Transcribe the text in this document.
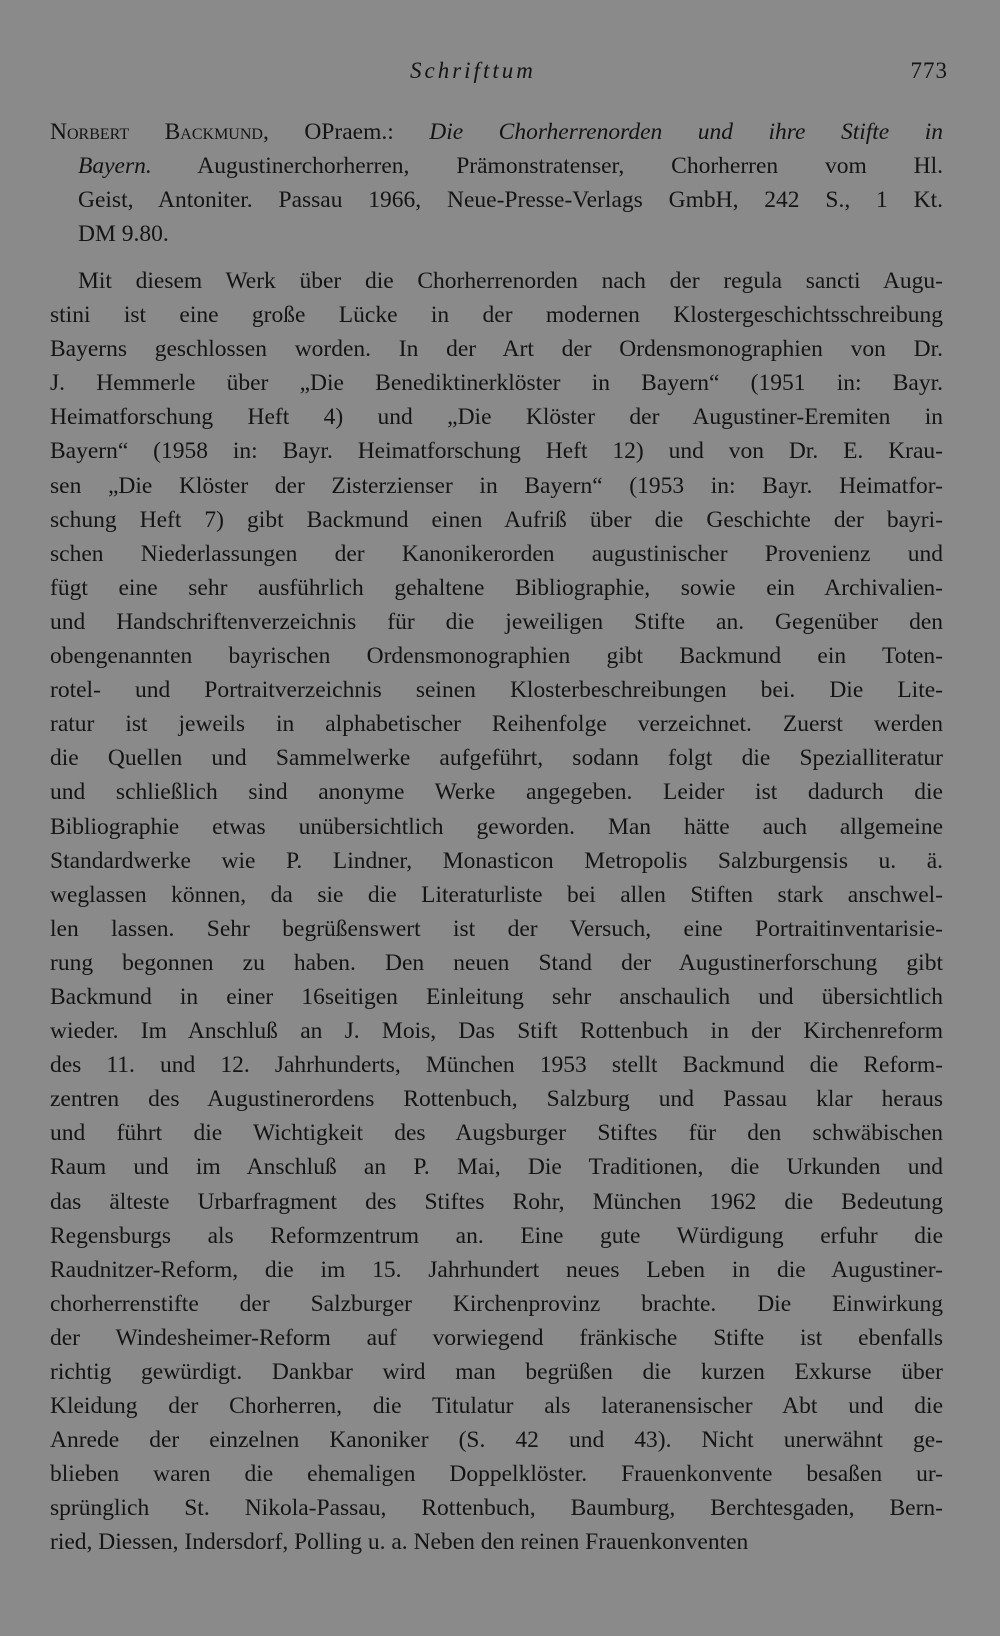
Schrifttum	773
Norbert Backmund, OPraem.: Die Chorherrenorden und ihre Stifte in
Bayern. Augustinerchorherren, Prämonstratenser, Chorherren vom Hl.
Geist, Antoniter. Passau 1966, Neue-Presse-Verlags GmbH, 242 S., 1 Kt.
DM 9.80.
Mit diesem Werk über die Chorherrenorden nach der regula sancti Augu-
stini ist eine große Lücke in der modernen Klostergeschichtsschreibung
Bayerns geschlossen worden. In der Art der Ordensmonographien von Dr.
J. Hemmerle über „Die Benediktinerklöster in Bayern“ (1951 in: Bayr.
Heimatforschung Heft 4) und „Die Klöster der Augustiner-Eremiten in
Bayern“ (1958 in: Bayr. Heimatforschung Heft 12) und von Dr. E. Krau-
sen „Die Klöster der Zisterzienser in Bayern“ (1953 in: Bayr. Heimatfor-
schung Heft 7) gibt Backmund einen Aufriß über die Geschichte der bayri-
schen Niederlassungen der Kanonikerorden augustinischer Provenienz und
fügt eine sehr ausführlich gehaltene Bibliographie, sowie ein Archivalien-
und Handschriftenverzeichnis für die jeweiligen Stifte an. Gegenüber den
obengenannten bayrischen Ordensmonographien gibt Backmund ein Toten-
rotel- und Portraitverzeichnis seinen Klosterbeschreibungen bei. Die Lite-
ratur ist jeweils in alphabetischer Reihenfolge verzeichnet. Zuerst werden
die Quellen und Sammelwerke aufgeführt, sodann folgt die Spezialliteratur
und schließlich sind anonyme Werke angegeben. Leider ist dadurch die
Bibliographie etwas unübersichtlich geworden. Man hätte auch allgemeine
Standardwerke wie P. Lindner, Monasticon Metropolis Salzburgensis u. ä.
weglassen können, da sie die Literaturliste bei allen Stiften stark anschwel-
len lassen. Sehr begrüßenswert ist der Versuch, eine Portraitinventarisie-
rung begonnen zu haben. Den neuen Stand der Augustinerforschung gibt
Backmund in einer 16seitigen Einleitung sehr anschaulich und übersichtlich
wieder. Im Anschluß an J. Mois, Das Stift Rottenbuch in der Kirchenreform
des 11. und 12. Jahrhunderts, München 1953 stellt Backmund die Reform-
zentren des Augustinerordens Rottenbuch, Salzburg und Passau klar heraus
und führt die Wichtigkeit des Augsburger Stiftes für den schwäbischen
Raum und im Anschluß an P. Mai, Die Traditionen, die Urkunden und
das älteste Urbarfragment des Stiftes Rohr, München 1962 die Bedeutung
Regensburgs als Reformzentrum an. Eine gute Würdigung erfuhr die
Raudnitzer-Reform, die im 15. Jahrhundert neues Leben in die Augustiner-
chorherrenstifte der Salzburger Kirchenprovinz brachte. Die Einwirkung
der Windesheimer-Reform auf vorwiegend fränkische Stifte ist ebenfalls
richtig gewürdigt. Dankbar wird man begrüßen die kurzen Exkurse über
Kleidung der Chorherren, die Titulatur als lateranensischer Abt und die
Anrede der einzelnen Kanoniker (S. 42 und 43). Nicht unerwähnt ge-
blieben waren die ehemaligen Doppelklöster. Frauenkonvente besaßen ur-
sprünglich St. Nikola-Passau, Rottenbuch, Baumburg, Berchtesgaden, Bern-
ried, Diessen, Indersdorf, Polling u. a. Neben den reinen Frauenkonventen
